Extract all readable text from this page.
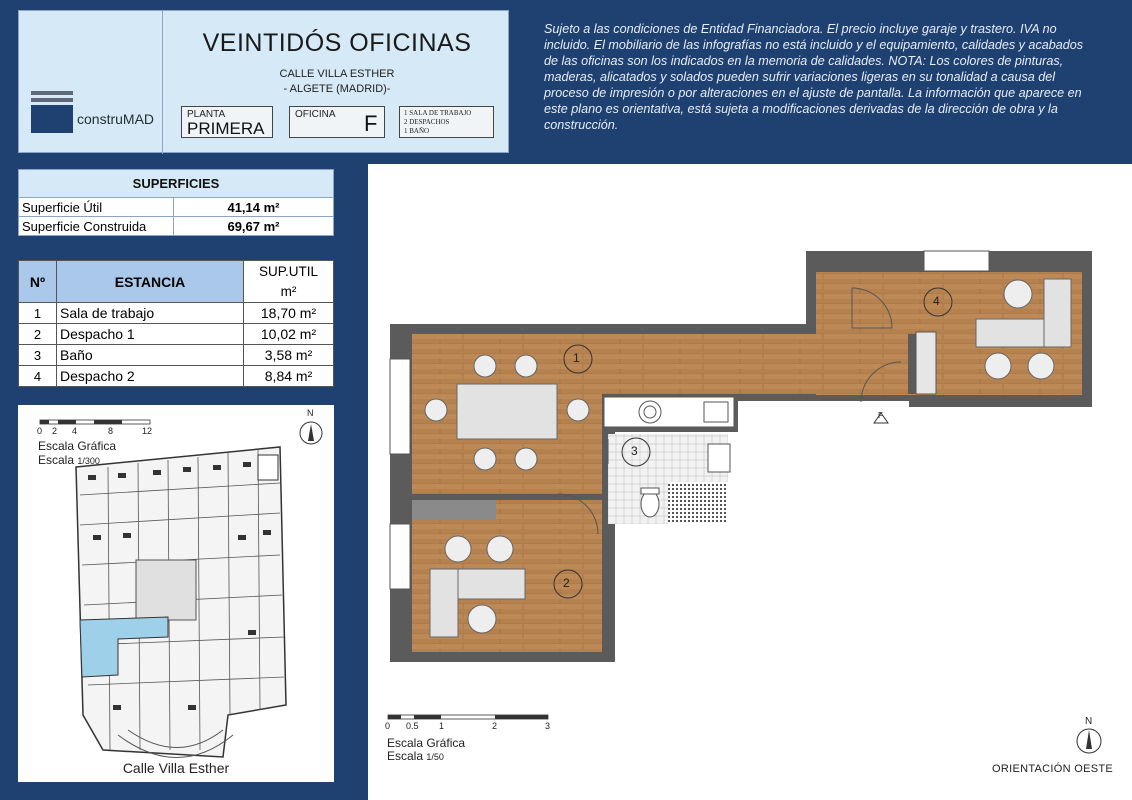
construMAD
VEINTIDÓS OFICINAS
CALLE VILLA ESTHER
- ALGETE (MADRID)-
PLANTA
PRIMERA
OFICINA F	1 SALA DE TRABAJO
2 DESPACHOS
1 BAÑO
Sujeto a las condiciones de Entidad Financiadora. El precio incluye garaje y trastero. IVA no incluido. El mobiliario de las infografías no está incluido y el equipamiento, calidades y acabados de las oficinas son los indicados en la memoria de calidades. NOTA: Los colores de pinturas, maderas, alicatados y solados pueden sufrir variaciones ligeras en su tonalidad a causa del proceso de impresión o por alteraciones en el ajuste de pantalla. La información que aparece en este plano es orientativa, está sujeta a modificaciones derivadas de la dirección de obra y la construcción.
SUPERFICIES	
Superficie Útil	41,14 m²
Superficie Construida	69,67 m²
Nº	ESTANCIA	SUP.UTIL
m²

1	Sala de trabajo	18,70 m²
2	Despacho 1	10,02 m²
3	Baño	3,58 m²
4	Despacho 2	8,84 m²
0 2 4	8	12
Escala Gráfica
Escala 1/300
N
Calle Villa Esther
1
2
3
4
F
0 0.5 1	2	3
Escala Gráfica
Escala 1/50
N
ORIENTACIÓN OESTE
